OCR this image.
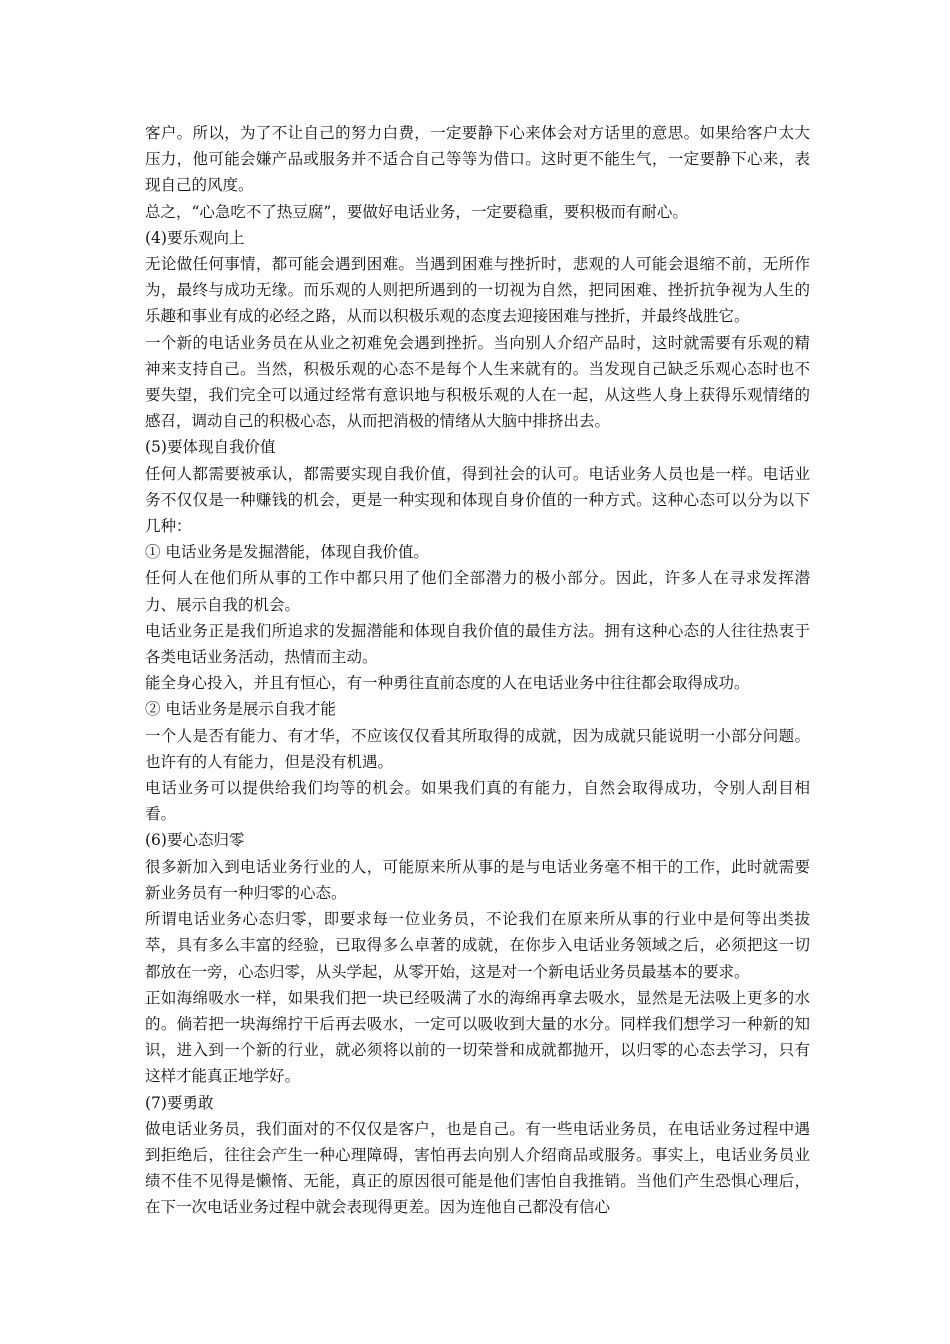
客户。所以，为了不让自己的努力白费，一定要静下心来体会对方话里的意思。如果给客户太大压力，他可能会嫌产品或服务并不适合自己等等为借口。这时更不能生气，一定要静下心来，表现自己的风度。

总之，“心急吃不了热豆腐”，要做好电话业务，一定要稳重，要积极而有耐心。

(4)要乐观向上

无论做任何事情，都可能会遇到困难。当遇到困难与挫折时，悲观的人可能会退缩不前，无所作为，最终与成功无缘。而乐观的人则把所遇到的一切视为自然，把同困难、挫折抗争视为人生的乐趣和事业有成的必经之路，从而以积极乐观的态度去迎接困难与挫折，并最终战胜它。

一个新的电话业务员在从业之初难免会遇到挫折。当向别人介绍产品时，这时就需要有乐观的精神来支持自己。当然，积极乐观的心态不是每个人生来就有的。当发现自己缺乏乐观心态时也不要失望，我们完全可以通过经常有意识地与积极乐观的人在一起，从这些人身上获得乐观情绪的感召，调动自己的积极心态，从而把消极的情绪从大脑中排挤出去。

(5)要体现自我价值

任何人都需要被承认，都需要实现自我价值，得到社会的认可。电话业务人员也是一样。电话业务不仅仅是一种赚钱的机会，更是一种实现和体现自身价值的一种方式。这种心态可以分为以下几种：

① 电话业务是发掘潜能，体现自我价值。

任何人在他们所从事的工作中都只用了他们全部潜力的极小部分。因此，许多人在寻求发挥潜力、展示自我的机会。

电话业务正是我们所追求的发掘潜能和体现自我价值的最佳方法。拥有这种心态的人往往热衷于各类电话业务活动，热情而主动。

能全身心投入，并且有恒心，有一种勇往直前态度的人在电话业务中往往都会取得成功。

② 电话业务是展示自我才能

一个人是否有能力、有才华，不应该仅仅看其所取得的成就，因为成就只能说明一小部分问题。也许有的人有能力，但是没有机遇。

电话业务可以提供给我们均等的机会。如果我们真的有能力，自然会取得成功，令别人刮目相看。

(6)要心态归零

很多新加入到电话业务行业的人，可能原来所从事的是与电话业务毫不相干的工作，此时就需要新业务员有一种归零的心态。

所谓电话业务心态归零，即要求每一位业务员，不论我们在原来所从事的行业中是何等出类拔萃，具有多么丰富的经验，已取得多么卓著的成就，在你步入电话业务领域之后，必须把这一切都放在一旁，心态归零，从头学起，从零开始，这是对一个新电话业务员最基本的要求。

正如海绵吸水一样，如果我们把一块已经吸满了水的海绵再拿去吸水，显然是无法吸上更多的水的。倘若把一块海绵拧干后再去吸水，一定可以吸收到大量的水分。同样我们想学习一种新的知识，进入到一个新的行业，就必须将以前的一切荣誉和成就都抛开，以归零的心态去学习，只有这样才能真正地学好。

(7)要勇敢

做电话业务员，我们面对的不仅仅是客户，也是自己。有一些电话业务员，在电话业务过程中遇到拒绝后，往往会产生一种心理障碍，害怕再去向别人介绍商品或服务。事实上，电话业务员业绩不佳不见得是懒惰、无能，真正的原因很可能是他们害怕自我推销。当他们产生恐惧心理后，在下一次电话业务过程中就会表现得更差。因为连他自己都没有信心
